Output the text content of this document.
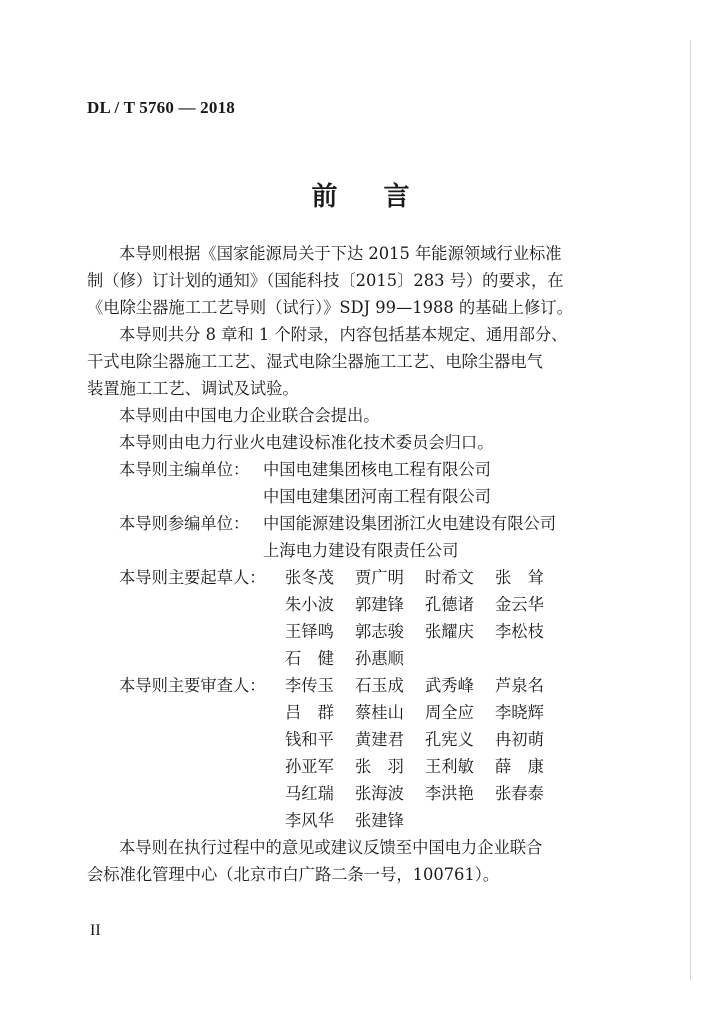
DL / T 5760 — 2018
前言
本导则根据《国家能源局关于下达 2015 年能源领域行业标准
制（修）订计划的通知》（国能科技〔2015〕283 号）的要求，在
《电除尘器施工工艺导则（试行）》SDJ 99—1988 的基础上修订。
本导则共分 8 章和 1 个附录，内容包括基本规定、通用部分、
干式电除尘器施工工艺、湿式电除尘器施工工艺、电除尘器电气
装置施工工艺、调试及试验。
本导则由中国电力企业联合会提出。
本导则由电力行业火电建设标准化技术委员会归口。
本导则主编单位： 中国电建集团核电工程有限公司
中国电建集团河南工程有限公司
本导则参编单位： 中国能源建设集团浙江火电建设有限公司
上海电力建设有限责任公司
本导则主要起草人： 张冬茂 贾广明 时希文 张　耸
朱小波 郭建锋 孔德诸 金云华
王铎鸣 郭志骏 张耀庆 李松枝
石　健 孙惠顺
本导则主要审查人： 李传玉 石玉成 武秀峰 芦泉名
吕　群 蔡桂山 周全应 李晓辉
钱和平 黄建君 孔宪义 冉初萌
孙亚军 张　羽 王利敏 薛　康
马红瑞 张海波 李洪艳 张春泰
李风华 张建锋
本导则在执行过程中的意见或建议反馈至中国电力企业联合
会标准化管理中心（北京市白广路二条一号，100761）。
II
